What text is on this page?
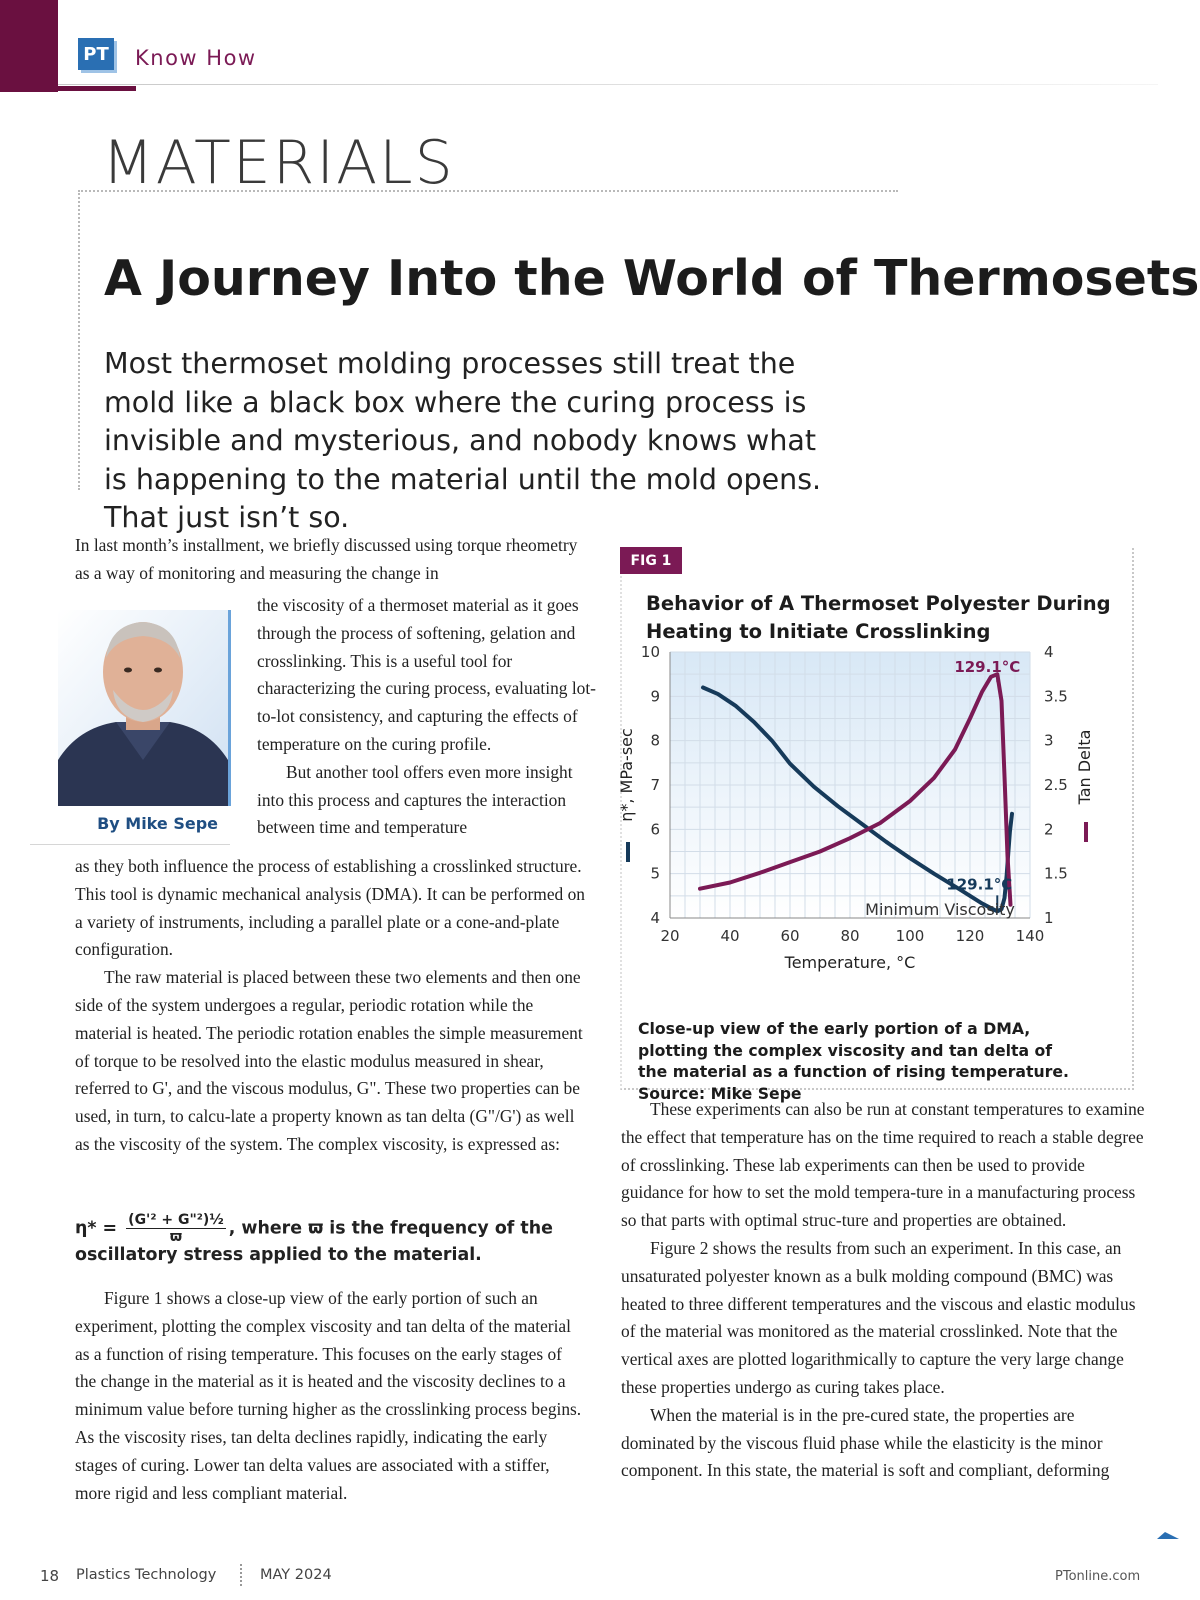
PT Know How
MATERIALS
A Journey Into the World of Thermosets
Most thermoset molding processes still treat the mold like a black box where the curing process is invisible and mysterious, and nobody knows what is happening to the material until the mold opens. That just isn’t so.

In last month’s installment, we briefly discussed using torque rheometry as a way of monitoring and measuring the change in

By Mike Sepe

the viscosity of a thermoset material as it goes through the process of softening, gelation and crosslinking. This is a useful tool for characterizing the curing process, evaluating lot-to-lot consistency, and capturing the effects of temperature on the curing profile.

But another tool offers even more insight into this process and captures the interaction between time and temperature

as they both influence the process of establishing a crosslinked structure. This tool is dynamic mechanical analysis (DMA). It can be performed on a variety of instruments, including a parallel plate or a cone-and-plate configuration.

The raw material is placed between these two elements and then one side of the system undergoes a regular, periodic rotation while the material is heated. The periodic rotation enables the simple measurement of torque to be resolved into the elastic modulus measured in shear, referred to G', and the viscous modulus, G". These two properties can be used, in turn, to calcu-late a property known as tan delta (G"/G') as well as the viscosity of the system. The complex viscosity, is expressed as:

$\eta* = \frac{\text{(G'² + G"²)½}}{ϖ}$ , where ϖ is the frequency of the oscillatory stress applied to the material.

Figure 1 shows a close-up view of the early portion of such an experiment, plotting the complex viscosity and tan delta of the material as a function of rising temperature. This focuses on the early stages of the change in the material as it is heated and the viscosity declines to a minimum value before turning higher as the crosslinking process begins. As the viscosity rises, tan delta declines rapidly, indicating the early stages of curing. Lower tan delta values are associated with a stiffer, more rigid and less compliant material.

FIG 1
Behavior of A Thermoset Polyester During Heating to Initiate Crosslinking
20	40	60	80 100 120 140
4
5
6
7
8
9
10
1
1.5
2
2.5
3
3.5
4
129.1°C
129.1°C
Minimum Viscosity
Temperature, °C
η*, MPa-sec	Tan Delta
Close-up view of the early portion of a DMA, plotting the complex viscosity and tan delta of the material as a function of rising temperature. Source: Mike Sepe

These experiments can also be run at constant temperatures to examine the effect that temperature has on the time required to reach a stable degree of crosslinking. These lab experiments can then be used to provide guidance for how to set the mold tempera-ture in a manufacturing process so that parts with optimal struc-ture and properties are obtained.

Figure 2 shows the results from such an experiment. In this case, an unsaturated polyester known as a bulk molding compound (BMC) was heated to three different temperatures and the viscous and elastic modulus of the material was monitored as the material crosslinked. Note that the vertical axes are plotted logarithmically to capture the very large change these properties undergo as curing takes place.

When the material is in the pre-cured state, the properties are dominated by the viscous fluid phase while the elasticity is the minor component. In this state, the material is soft and compliant, deforming

18 Plastics Technology	MAY 2024	PTonline.com
